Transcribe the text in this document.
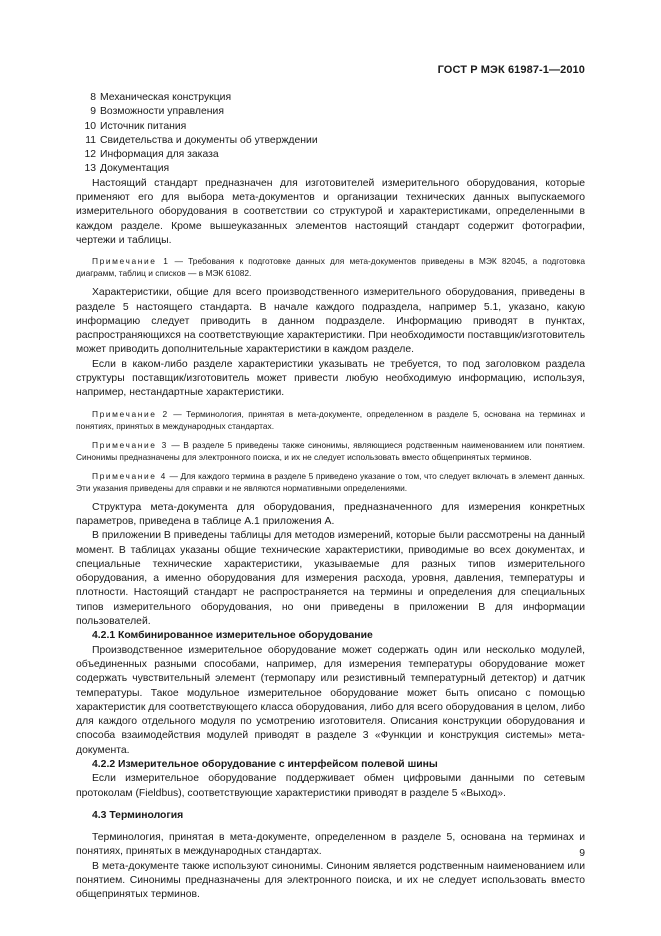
ГОСТ Р МЭК 61987-1—2010
8 Механическая конструкция
9 Возможности управления
10 Источник питания
11 Свидетельства и документы об утверждении
12 Информация для заказа
13 Документация

Настоящий стандарт предназначен для изготовителей измерительного оборудования, которые применяют его для выбора мета-документов и организации технических данных выпускаемого измерительного оборудования в соответствии со структурой и характеристиками, определенными в каждом разделе. Кроме вышеуказанных элементов настоящий стандарт содержит фотографии, чертежи и таблицы.

Примечание 1 — Требования к подготовке данных для мета-документов приведены в МЭК 82045, а подготовка диаграмм, таблиц и списков — в МЭК 61082.

Характеристики, общие для всего производственного измерительного оборудования, приведены в разделе 5 настоящего стандарта. В начале каждого подраздела, например 5.1, указано, какую информацию следует приводить в данном подразделе. Информацию приводят в пунктах, распространяющихся на соответствующие характеристики. При необходимости поставщик/изготовитель может приводить дополнительные характеристики в каждом разделе.

Если в каком-либо разделе характеристики указывать не требуется, то под заголовком раздела структуры поставщик/изготовитель может привести любую необходимую информацию, используя, например, нестандартные характеристики.

Примечание 2 — Терминология, принятая в мета-документе, определенном в разделе 5, основана на терминах и понятиях, принятых в международных стандартах.
Примечание 3 — В разделе 5 приведены также синонимы, являющиеся родственным наименованием или понятием. Синонимы предназначены для электронного поиска, и их не следует использовать вместо общепринятых терминов.
Примечание 4 — Для каждого термина в разделе 5 приведено указание о том, что следует включать в элемент данных. Эти указания приведены для справки и не являются нормативными определениями.

Структура мета-документа для оборудования, предназначенного для измерения конкретных параметров, приведена в таблице А.1 приложения А.

В приложении В приведены таблицы для методов измерений, которые были рассмотрены на данный момент. В таблицах указаны общие технические характеристики, приводимые во всех документах, и специальные технические характеристики, указываемые для разных типов измерительного оборудования, а именно оборудования для измерения расхода, уровня, давления, температуры и плотности. Настоящий стандарт не распространяется на термины и определения для специальных типов измерительного оборудования, но они приведены в приложении В для информации пользователей.

4.2.1 Комбинированное измерительное оборудование

Производственное измерительное оборудование может содержать один или несколько модулей, объединенных разными способами, например, для измерения температуры оборудование может содержать чувствительный элемент (термопару или резистивный температурный детектор) и датчик температуры. Такое модульное измерительное оборудование может быть описано с помощью характеристик для соответствующего класса оборудования, либо для всего оборудования в целом, либо для каждого отдельного модуля по усмотрению изготовителя. Описания конструкции оборудования и способа взаимодействия модулей приводят в разделе 3 «Функции и конструкция системы» мета-документа.

4.2.2 Измерительное оборудование с интерфейсом полевой шины

Если измерительное оборудование поддерживает обмен цифровыми данными по сетевым протоколам (Fieldbus), соответствующие характеристики приводят в разделе 5 «Выход».

4.3 Терминология

Терминология, принятая в мета-документе, определенном в разделе 5, основана на терминах и понятиях, принятых в международных стандартах.

В мета-документе также используют синонимы. Синоним является родственным наименованием или понятием. Синонимы предназначены для электронного поиска, и их не следует использовать вместо общепринятых терминов.

9
